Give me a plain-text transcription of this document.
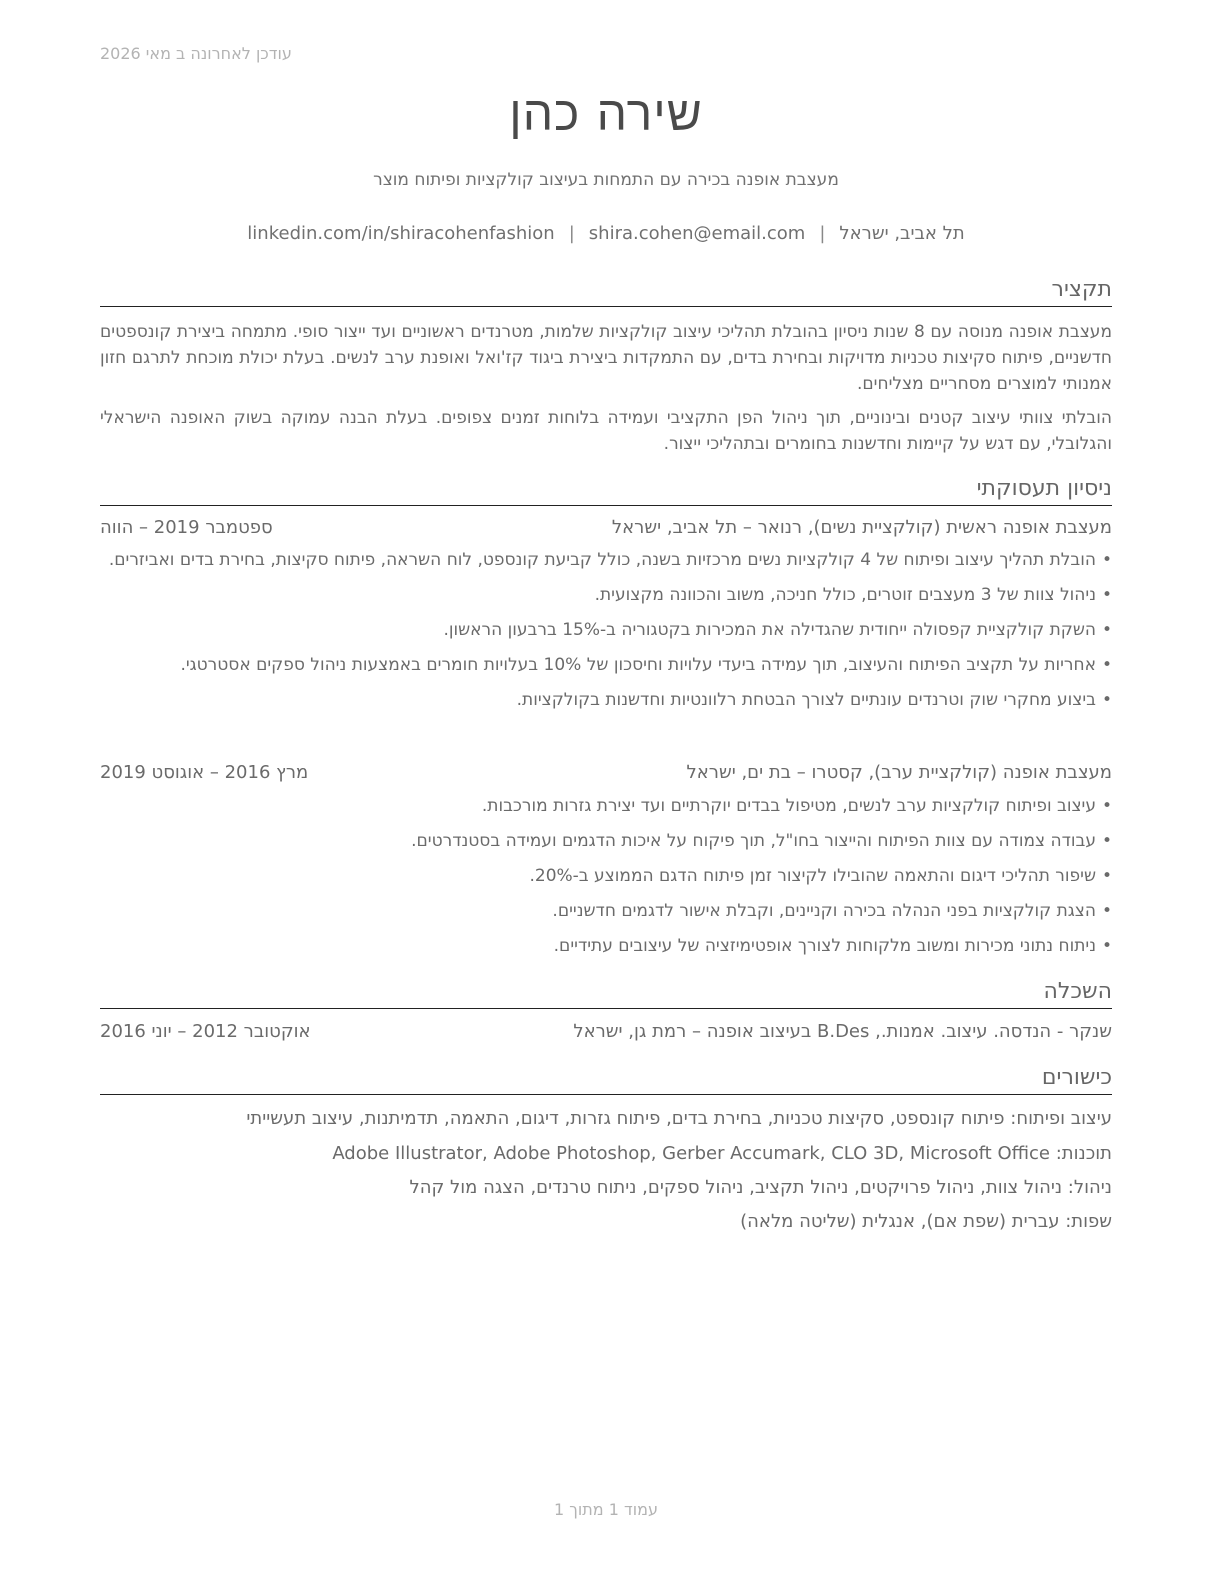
עודכן לאחרונה ב מאי 2026
שירה כהן
מעצבת אופנה בכירה עם התמחות בעיצוב קולקציות ופיתוח מוצר
תל אביב, ישראל|shira.cohen@email.com|linkedin.com/in/shiracohenfashion
תקציר
מעצבת אופנה מנוסה עם 8 שנות ניסיון בהובלת תהליכי עיצוב קולקציות שלמות, מטרנדים ראשוניים ועד ייצור סופי. מתמחה ביצירת קונספטים חדשניים, פיתוח סקיצות טכניות מדויקות ובחירת בדים, עם התמקדות ביצירת ביגוד קז'ואל ואופנת ערב לנשים. בעלת יכולת מוכחת לתרגם חזון אמנותי למוצרים מסחריים מצליחים.
הובלתי צוותי עיצוב קטנים ובינוניים, תוך ניהול הפן התקציבי ועמידה בלוחות זמנים צפופים. בעלת הבנה עמוקה בשוק האופנה הישראלי והגלובלי, עם דגש על קיימות וחדשנות בחומרים ובתהליכי ייצור.
ניסיון תעסוקתי
מעצבת אופנה ראשית (קולקציית נשים), רנואר – תל אביב, ישראל
ספטמבר 2019 – הווה
• הובלת תהליך עיצוב ופיתוח של 4 קולקציות נשים מרכזיות בשנה, כולל קביעת קונספט, לוח השראה, פיתוח סקיצות, בחירת בדים ואביזרים.
• ניהול צוות של 3 מעצבים זוטרים, כולל חניכה, משוב והכוונה מקצועית.
• השקת קולקציית קפסולה ייחודית שהגדילה את המכירות בקטגוריה ב-15% ברבעון הראשון.
• אחריות על תקציב הפיתוח והעיצוב, תוך עמידה ביעדי עלויות וחיסכון של 10% בעלויות חומרים באמצעות ניהול ספקים אסטרטגי.
• ביצוע מחקרי שוק וטרנדים עונתיים לצורך הבטחת רלוונטיות וחדשנות בקולקציות.
מעצבת אופנה (קולקציית ערב), קסטרו – בת ים, ישראל
מרץ 2016 – אוגוסט 2019
• עיצוב ופיתוח קולקציות ערב לנשים, מטיפול בבדים יוקרתיים ועד יצירת גזרות מורכבות.
• עבודה צמודה עם צוות הפיתוח והייצור בחו"ל, תוך פיקוח על איכות הדגמים ועמידה בסטנדרטים.
• שיפור תהליכי דיגום והתאמה שהובילו לקיצור זמן פיתוח הדגם הממוצע ב-20%.
• הצגת קולקציות בפני הנהלה בכירה וקניינים, וקבלת אישור לדגמים חדשניים.
• ניתוח נתוני מכירות ומשוב מלקוחות לצורך אופטימיזציה של עיצובים עתידיים.
השכלה
שנקר - הנדסה. עיצוב. אמנות., B.Des בעיצוב אופנה – רמת גן, ישראל
אוקטובר 2012 – יוני 2016
כישורים
עיצוב ופיתוח: פיתוח קונספט, סקיצות טכניות, בחירת בדים, פיתוח גזרות, דיגום, התאמה, תדמיתנות, עיצוב תעשייתי
תוכנות: Adobe Illustrator, Adobe Photoshop, Gerber Accumark, CLO 3D, Microsoft Office
ניהול: ניהול צוות, ניהול פרויקטים, ניהול תקציב, ניהול ספקים, ניתוח טרנדים, הצגה מול קהל
שפות: עברית (שפת אם), אנגלית (שליטה מלאה)
עמוד 1 מתוך 1
